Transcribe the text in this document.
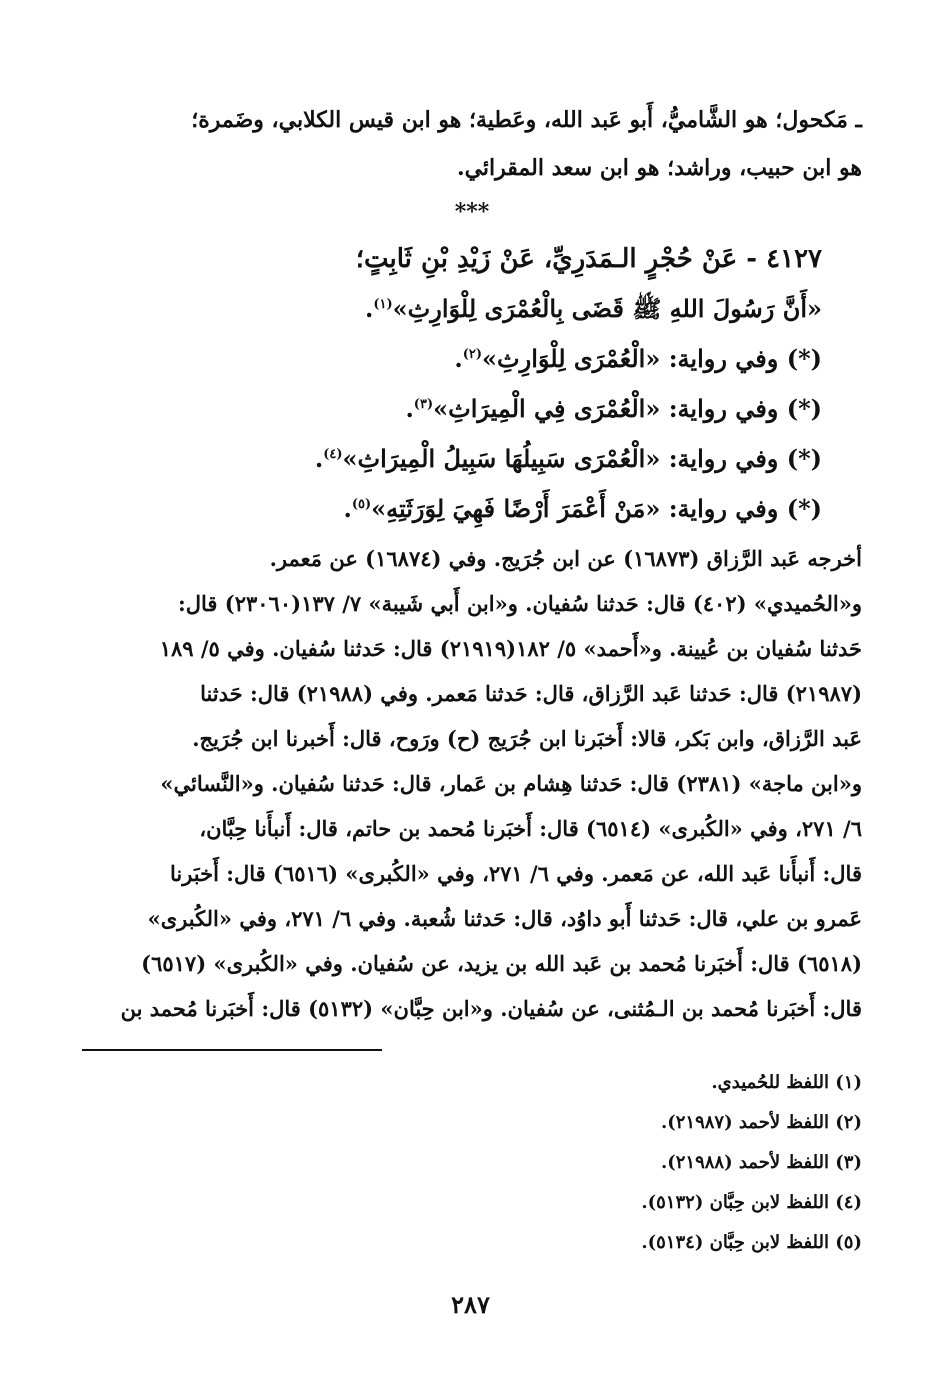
ـ مَكحول؛ هو الشَّاميُّ، أَبو عَبد الله، وعَطية؛ هو ابن قيس الكلابي، وضَمرة؛

هو ابن حبيب، وراشد؛ هو ابن سعد المقرائي.

***
٤١٢٧ - عَنْ حُجْرٍ الـمَدَرِيِّ، عَنْ زَيْدِ بْنِ ثَابِتٍ؛
«أَنَّ رَسُولَ اللهِ ﷺ قَضَى بِالْعُمْرَى لِلْوَارِثِ»$^{(١)}$.
(*) وفي رواية: «الْعُمْرَى لِلْوَارِثِ»$^{(٢)}$.
(*) وفي رواية: «الْعُمْرَى فِي الْمِيرَاثِ»$^{(٣)}$.
(*) وفي رواية: «الْعُمْرَى سَبِيلُهَا سَبِيلُ الْمِيرَاثِ»$^{(٤)}$.
(*) وفي رواية: «مَنْ أَعْمَرَ أَرْضًا فَهِيَ لِوَرَثَتِهِ»$^{(٥)}$.

أخرجه عَبد الرَّزاق (١٦٨٧٣) عن ابن جُرَيج. وفي (١٦٨٧٤) عن مَعمر.

و«الحُميدي» (٤٠٢) قال: حَدثنا سُفيان. و«ابن أَبي شَيبة» ٧/ ١٣٧(٢٣٠٦٠) قال:

حَدثنا سُفيان بن عُيينة. و«أَحمد» ٥/ ١٨٢(٢١٩١٩) قال: حَدثنا سُفيان. وفي ٥/ ١٨٩

(٢١٩٨٧) قال: حَدثنا عَبد الرَّزاق، قال: حَدثنا مَعمر. وفي (٢١٩٨٨) قال: حَدثنا

عَبد الرَّزاق، وابن بَكر، قالا: أَخبَرنا ابن جُرَيج (ح) ورَوح، قال: أَخبرنا ابن جُرَيج.

و«ابن ماجة» (٢٣٨١) قال: حَدثنا هِشام بن عَمار، قال: حَدثنا سُفيان. و«النَّسائي»

٦/ ٢٧١، وفي «الكُبرى» (٦٥١٤) قال: أَخبَرنا مُحمد بن حاتم، قال: أَنبأَنا حِبَّان،

قال: أَنبأَنا عَبد الله، عن مَعمر. وفي ٦/ ٢٧١، وفي «الكُبرى» (٦٥١٦) قال: أَخبَرنا

عَمرو بن علي، قال: حَدثنا أَبو داوُد، قال: حَدثنا شُعبة. وفي ٦/ ٢٧١، وفي «الكُبرى»

(٦٥١٨) قال: أَخبَرنا مُحمد بن عَبد الله بن يزيد، عن سُفيان. وفي «الكُبرى» (٦٥١٧)

قال: أَخبَرنا مُحمد بن الـمُثنى، عن سُفيان. و«ابن حِبَّان» (٥١٣٢) قال: أَخبَرنا مُحمد بن

(١) اللفظ للحُميدي.
(٢) اللفظ لأحمد (٢١٩٨٧).
(٣) اللفظ لأحمد (٢١٩٨٨).
(٤) اللفظ لابن حِبَّان (٥١٣٢).
(٥) اللفظ لابن حِبَّان (٥١٣٤).
٢٨٧
